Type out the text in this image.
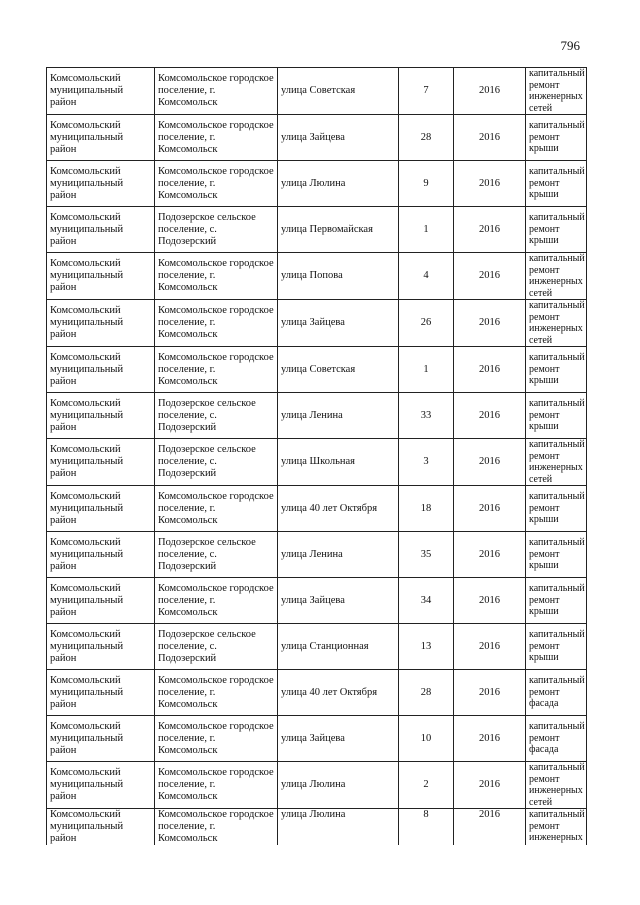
796
Комсомольский муниципальный район	Комсомольское городское поселение, г. Комсомольск	улица Советская	7	2016	капитальный ремонт инженерных сетей
Комсомольский муниципальный район	Комсомольское городское поселение, г. Комсомольск	улица Зайцева	28	2016	капитальный ремонт крыши
Комсомольский муниципальный район	Комсомольское городское поселение, г. Комсомольск	улица Люлина	9	2016	капитальный ремонт крыши
Комсомольский муниципальный район	Подозерское сельское поселение, с. Подозерский	улица Первомайская	1	2016	капитальный ремонт крыши
Комсомольский муниципальный район	Комсомольское городское поселение, г. Комсомольск	улица Попова	4	2016	капитальный ремонт инженерных сетей
Комсомольский муниципальный район	Комсомольское городское поселение, г. Комсомольск	улица Зайцева	26	2016	капитальный ремонт инженерных сетей
Комсомольский муниципальный район	Комсомольское городское поселение, г. Комсомольск	улица Советская	1	2016	капитальный ремонт крыши
Комсомольский муниципальный район	Подозерское сельское поселение, с. Подозерский	улица Ленина	33	2016	капитальный ремонт крыши
Комсомольский муниципальный район	Подозерское сельское поселение, с. Подозерский	улица Школьная	3	2016	капитальный ремонт инженерных сетей
Комсомольский муниципальный район	Комсомольское городское поселение, г. Комсомольск	улица 40 лет Октября	18	2016	капитальный ремонт крыши
Комсомольский муниципальный район	Подозерское сельское поселение, с. Подозерский	улица Ленина	35	2016	капитальный ремонт крыши
Комсомольский муниципальный район	Комсомольское городское поселение, г. Комсомольск	улица Зайцева	34	2016	капитальный ремонт крыши
Комсомольский муниципальный район	Подозерское сельское поселение, с. Подозерский	улица Станционная	13	2016	капитальный ремонт крыши
Комсомольский муниципальный район	Комсомольское городское поселение, г. Комсомольск	улица 40 лет Октября	28	2016	капитальный ремонт фасада
Комсомольский муниципальный район	Комсомольское городское поселение, г. Комсомольск	улица Зайцева	10	2016	капитальный ремонт фасада
Комсомольский муниципальный район	Комсомольское городское поселение, г. Комсомольск	улица Люлина	2	2016	капитальный ремонт инженерных сетей
Комсомольский муниципальный район	Комсомольское городское поселение, г. Комсомольск	улица Люлина	8	2016	капитальный ремонт инженерных
